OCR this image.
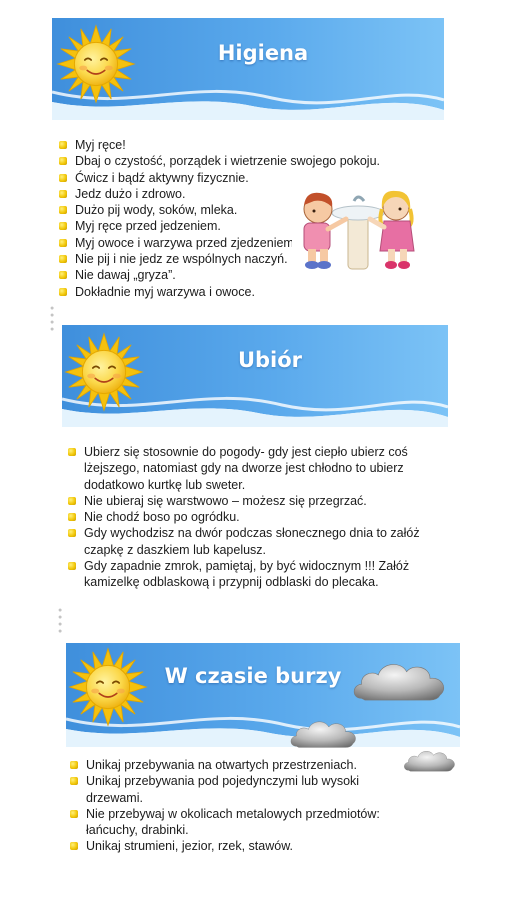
Higiena
Myj ręce!
Dbaj o czystość, porządek i wietrzenie swojego pokoju.
Ćwicz i bądź aktywny fizycznie.
Jedz dużo i zdrowo.
Dużo pij wody, soków, mleka.
Myj ręce przed jedzeniem.
Myj owoce i warzywa przed zjedzeniem.
Nie pij i nie jedz ze wspólnych naczyń.
Nie dawaj „gryza”.
Dokładnie myj warzywa i owoce.
● ● ● ●
Ubiór
Ubierz się stosownie do pogody- gdy jest ciepło ubierz coś lżejszego, natomiast gdy na dworze jest chłodno to ubierz dodatkowo kurtkę lub sweter.
Nie ubieraj się warstwowo – możesz się przegrzać.
Nie chodź boso po ogródku.
Gdy wychodzisz na dwór podczas słonecznego dnia to załóż czapkę z daszkiem lub kapelusz.
Gdy zapadnie zmrok, pamiętaj, by być widocznym !!! Załóż kamizelkę odblaskową i przypnij odblaski do plecaka.
● ● ● ●
W czasie burzy
Unikaj przebywania na otwartych przestrzeniach.
Unikaj przebywania pod pojedynczymi lub wysoki drzewami.
Nie przebywaj w okolicach metalowych przedmiotów: łańcuchy, drabinki.
Unikaj strumieni, jezior, rzek, stawów.
